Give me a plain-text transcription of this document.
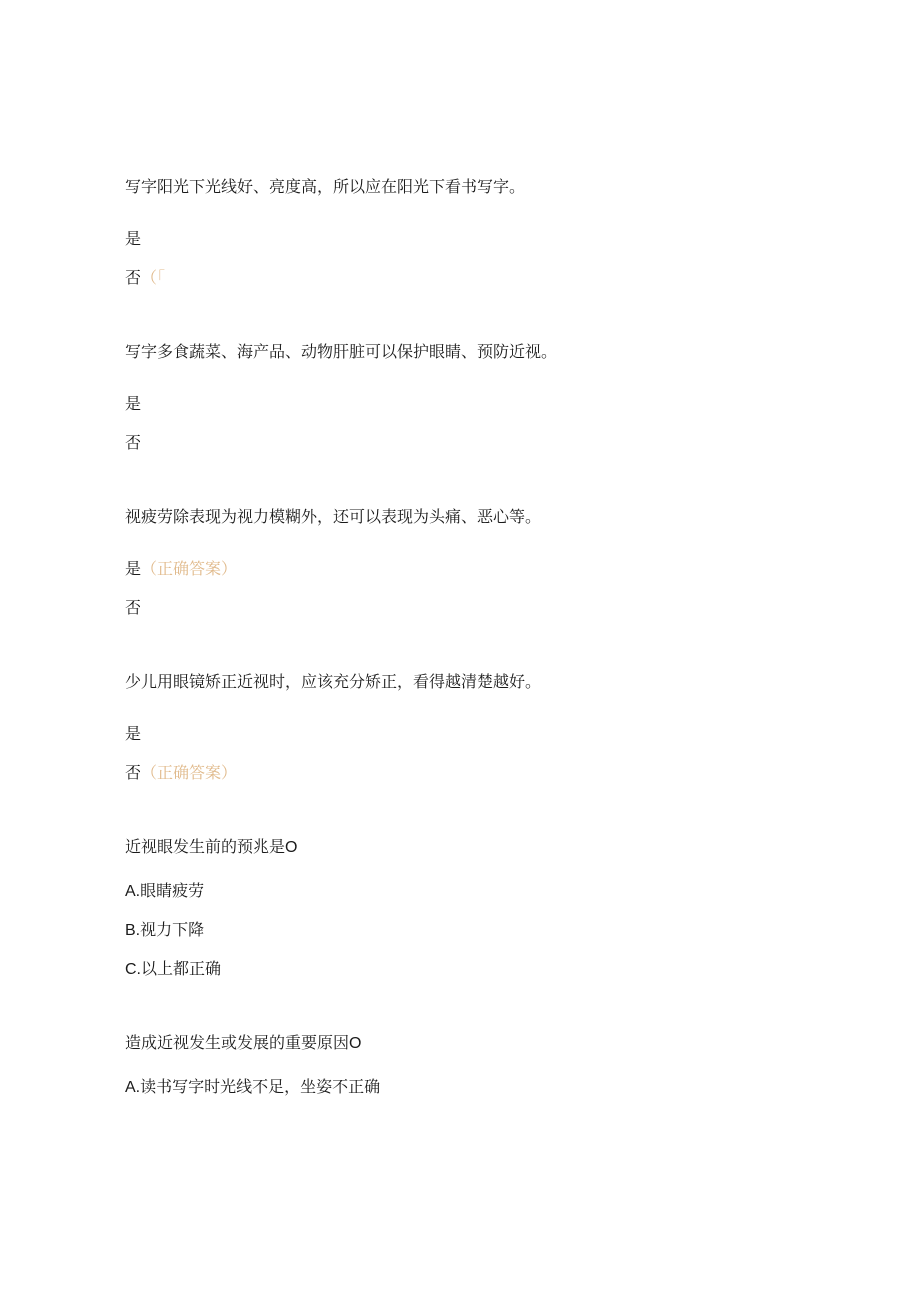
写字阳光下光线好、亮度高，所以应在阳光下看书写字。
是
否（「
写字多食蔬菜、海产品、动物肝脏可以保护眼睛、预防近视。
是
否
视疲劳除表现为视力模糊外，还可以表现为头痛、恶心等。
是（正确答案）
否
少儿用眼镜矫正近视时，应该充分矫正，看得越清楚越好。
是
否（正确答案）
近视眼发生前的预兆是O
A.眼睛疲劳
B.视力下降
C.以上都正确
造成近视发生或发展的重要原因O
A.读书写字时光线不足，坐姿不正确
